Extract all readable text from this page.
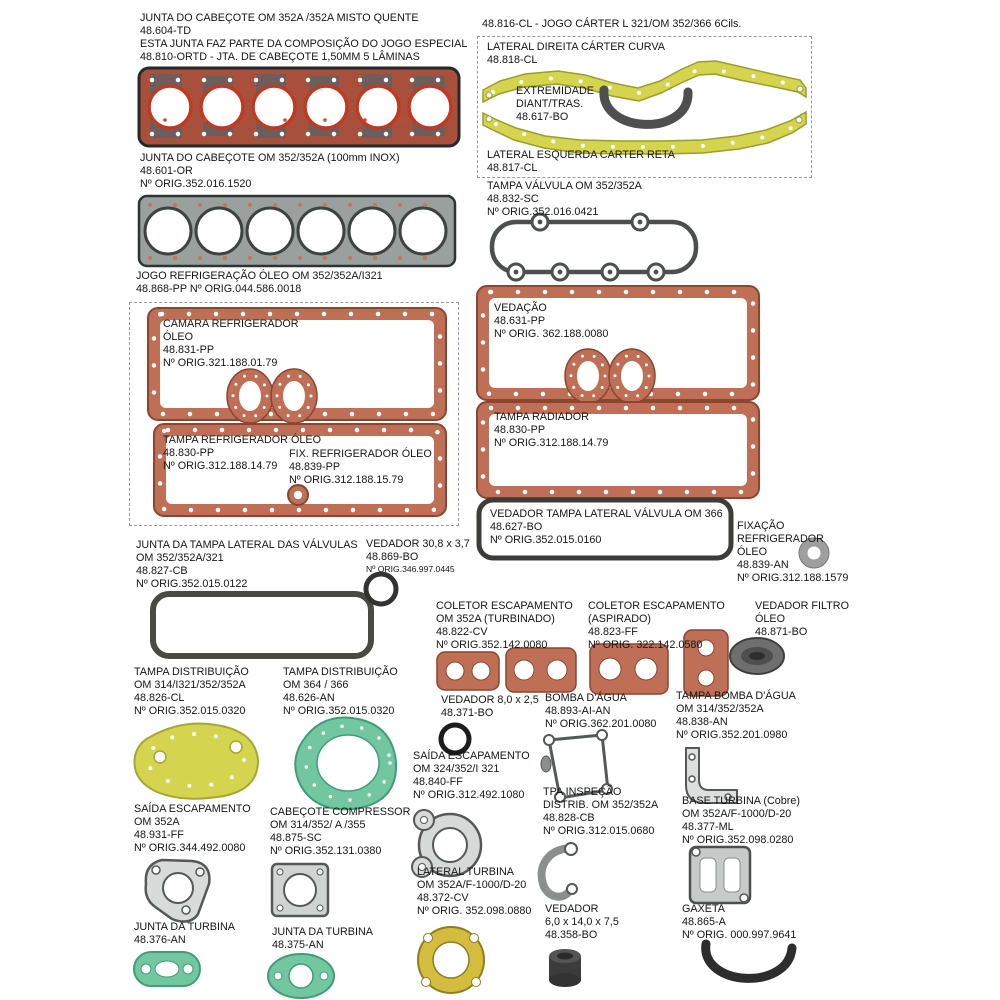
JUNTA DO CABEÇOTE OM 352A /352A MISTO QUENTE
48.604-TD
ESTA JUNTA FAZ PARTE DA COMPOSIÇÃO DO JOGO ESPECIAL
48.810-ORTD - JTA. DE CABEÇOTE 1,50MM 5 LÂMINAS
JUNTA DO CABEÇOTE OM 352/352A (100mm INOX)
48.601-OR
Nº ORIG.352.016.1520
JOGO REFRIGERAÇÃO ÓLEO OM 352/352A/I321
48.868-PP Nº ORIG.044.586.0018
CAMARA REFRIGERADOR
ÓLEO
48.831-PP
Nº ORIG.321.188.01.79
TAMPA REFRIGERADOR ÓLEO
48.830-PP
Nº ORIG.312.188.14.79
FIX. REFRIGERADOR ÓLEO
48.839-PP
Nº ORIG.312.188.15.79
JUNTA DA TAMPA LATERAL DAS VÁLVULAS
OM 352/352A/321
48.827-CB
Nº ORIG.352.015.0122
VEDADOR 30,8 x 3,7
48.869-BO
Nº ORIG.346.997.0445
TAMPA DISTRIBUIÇÃO
OM 314/I321/352/352A
48.826-CL
Nº ORIG.352.015.0320
TAMPA DISTRIBUIÇÃO
OM 364 / 366
48.626-AN
Nº ORIG.352.015.0320
SAÍDA ESCAPAMENTO
OM 352A
48.931-FF
Nº ORIG.344.492.0080
CABEÇOTE COMPRESSOR
OM 314/352/ A /355
48.875-SC
Nº ORIG.352.131.0380
JUNTA DA TURBINA
48.376-AN
JUNTA DA TURBINA
48.375-AN
48.816-CL - JOGO CÁRTER L 321/OM 352/366 6Cils.
LATERAL DIREITA CÁRTER CURVA
48.818-CL
EXTREMIDADE
DIANT/TRAS.
48.617-BO
LATERAL ESQUERDA CARTER RETA
48.817-CL
TAMPA VÁLVULA OM 352/352A
48.832-SC
Nº ORIG.352.016.0421
VEDAÇÃO
48.631-PP
Nº ORIG. 362.188.0080
TAMPA RADIADOR
48.830-PP
Nº ORIG.312.188.14.79
VEDADOR TAMPA LATERAL VÁLVULA OM 366
48.627-BO
Nº ORIG.352.015.0160
FIXAÇÃO
REFRIGERADOR
ÓLEO
48.839-AN
Nº ORIG.312.188.1579
COLETOR ESCAPAMENTO
OM 352A (TURBINADO)
48.822-CV
Nº ORIG.352.142.0080
COLETOR ESCAPAMENTO
(ASPIRADO)
48.823-FF
Nº ORIG. 322.142.0580
VEDADOR FILTRO
ÓLEO
48.871-BO
VEDADOR 8,0 x 2,5
48.371-BO
BOMBA D'ÁGUA
48.893-AI-AN
Nº ORIG.362.201.0080
TAMPA BOMBA D'ÁGUA
OM 314/352/352A
48.838-AN
Nº ORIG.352.201.0980
SAÍDA ESCAPAMENTO
OM 324/352/I 321
48.840-FF
Nº ORIG.312.492.1080	TPA INSPEÇÃO
DISTRIB. OM 352/352A
48.828-CB
Nº ORIG.312.015.0680
BASE TURBINA (Cobre)
OM 352A/F-1000/D-20
48.377-ML
Nº ORIG.352.098.0280
LATERAL TURBINA
OM 352A/F-1000/D-20
48.372-CV
Nº ORIG. 352.098.0880 VEDADOR
6,0 x 14,0 x 7,5
48.358-BO
GAXETA
48.865-A
Nº ORIG. 000.997.9641
